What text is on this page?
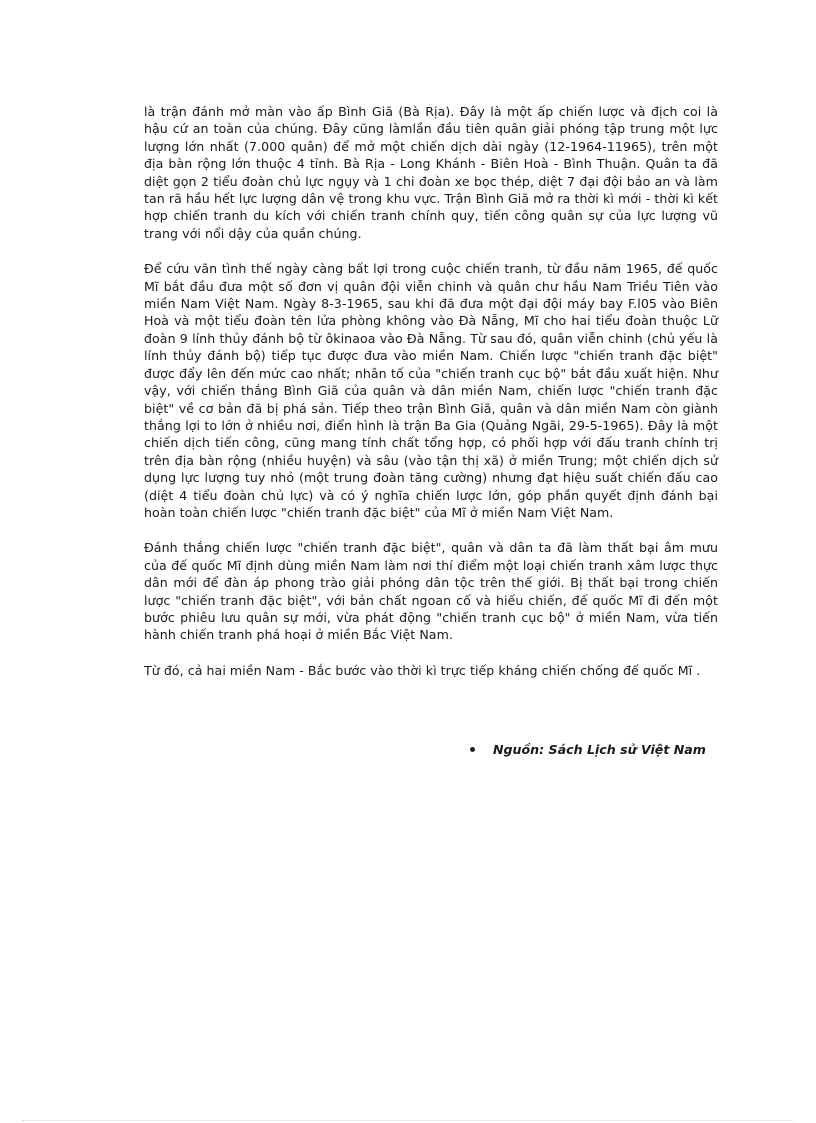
là trận đánh mở màn vào ấp Bình Giã (Bà Rịa). Đây là một ấp chiến lược và địch coi là hậu cứ an toàn của chúng. Đây cũng làmlần đầu tiên quân giải phóng tập trung một lực lượng lớn nhất (7.000 quân) để mở một chiến dịch dài ngày (12-1964-11965), trên một địa bàn rộng lớn thuộc 4 tỉnh. Bà Rịa - Long Khánh - Biên Hoà - Bình Thuận. Quân ta đã diệt gọn 2 tiểu đoàn chủ lực ngụy và 1 chi đoàn xe bọc thép, diệt 7 đại đội bảo an và làm tan rã hầu hết lực lượng dân vệ trong khu vực. Trận Bình Giã mở ra thời kì mới - thời kì kết hợp chiến tranh du kích với chiến tranh chính quy, tiến công quân sự của lực lượng vũ trang với nổi dậy của quần chúng.

Để cứu vãn tình thế ngày càng bất lợi trong cuộc chiến tranh, từ đầu năm 1965, đế quốc Mĩ bắt đầu đưa một số đơn vị quân đội viễn chinh và quân chư hầu Nam Triều Tiên vào miền Nam Việt Nam. Ngày 8-3-1965, sau khi đã đưa một đại đội máy bay F.l05 vào Biên Hoà và một tiểu đoàn tên lửa phòng không vào Đà Nẵng, Mĩ cho hai tiểu đoàn thuộc Lữ đoàn 9 lính thủy đánh bộ từ ôkinaoa vào Đà Nẵng. Từ sau đó, quân viễn chinh (chủ yếu là lính thủy đánh bộ) tiếp tục được đưa vào miền Nam. Chiến lược "chiến tranh đặc biệt" được đẩy lên đến mức cao nhất; nhân tố của "chiến tranh cục bộ" bắt đầu xuất hiện. Như vậy, với chiến thắng Bình Giã của quân và dân miền Nam, chiến lược "chiến tranh đặc biệt" về cơ bản đã bị phá sản. Tiếp theo trận Bình Giã, quân và dân miền Nam còn giành thắng lợi to lớn ở nhiều nơi, điển hình là trận Ba Gia (Quảng Ngãi, 29-5-1965). Đây là một chiến dịch tiến công, cũng mang tính chất tổng hợp, có phối hợp với đấu tranh chính trị trên địa bàn rộng (nhiều huyện) và sâu (vào tận thị xã) ở miền Trung; một chiến dịch sử dụng lực lượng tuy nhỏ (một trung đoàn tăng cường) nhưng đạt hiệu suất chiến đấu cao (diệt 4 tiểu đoàn chủ lực) và có ý nghĩa chiến lược lớn, góp phần quyết định đánh bại hoàn toàn chiến lược "chiến tranh đặc biệt" của Mĩ ở miền Nam Việt Nam.

Đánh thắng chiến lược "chiến tranh đặc biệt", quân và dân ta đã làm thất bại âm mưu của đế quốc Mĩ định dùng miền Nam làm nơi thí điểm một loại chiến tranh xâm lược thực dân mới để đàn áp phong trào giải phóng dân tộc trên thế giới. Bị thất bại trong chiến lược "chiến tranh đặc biệt", với bản chất ngoan cố và hiếu chiến, đế quốc Mĩ đi đến một bước phiêu lưu quân sự mới, vừa phát động "chiến tranh cục bộ" ở miền Nam, vừa tiến hành chiến tranh phá hoại ở miền Bắc Việt Nam.

Từ đó, cả hai miền Nam - Bắc bước vào thời kì trực tiếp kháng chiến chống đế quốc Mĩ .

Nguồn: Sách Lịch sử Việt Nam
